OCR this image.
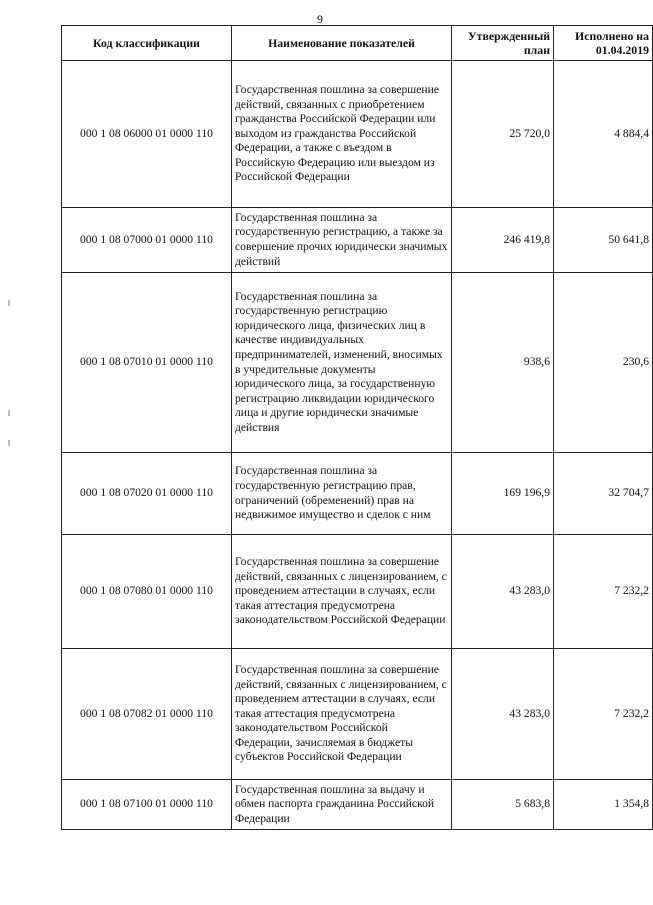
9
Код классификации	Наименование показателей	Утвержденный план	Исполнено на 01.04.2019
000 1 08 06000 01 0000 110	Государственная пошлина за совершение действий, связанных с приобретением гражданства Российской Федерации или выходом из гражданства Российской Федерации, а также с въездом в Российскую Федерацию или выездом из Российской Федерации	25 720,0	4 884,4
000 1 08 07000 01 0000 110	Государственная пошлина за государственную регистрацию, а также за совершение прочих юридически значимых действий	246 419,8	50 641,8
000 1 08 07010 01 0000 110	Государственная пошлина за государственную регистрацию юридического лица, физических лиц в качестве индивидуальных предпринимателей, изменений, вносимых в учредительные документы юридического лица, за государственную регистрацию ликвидации юридического лица и другие юридически значимые действия	938,6	230,6
000 1 08 07020 01 0000 110	Государственная пошлина за государственную регистрацию прав, ограничений (обременений) прав на недвижимое имущество и сделок с ним	169 196,9	32 704,7
000 1 08 07080 01 0000 110	Государственная пошлина за совершение действий, связанных с лицензированием, с проведением аттестации в случаях, если такая аттестация предусмотрена законодательством Российской Федерации	43 283,0	7 232,2
000 1 08 07082 01 0000 110	Государственная пошлина за совершение действий, связанных с лицензированием, с проведением аттестации в случаях, если такая аттестация предусмотрена законодательством Российской Федерации, зачисляемая в бюджеты субъектов Российской Федерации	43 283,0	7 232,2
000 1 08 07100 01 0000 110	Государственная пошлина за выдачу и обмен паспорта гражданина Российской Федерации	5 683,8	1 354,8
